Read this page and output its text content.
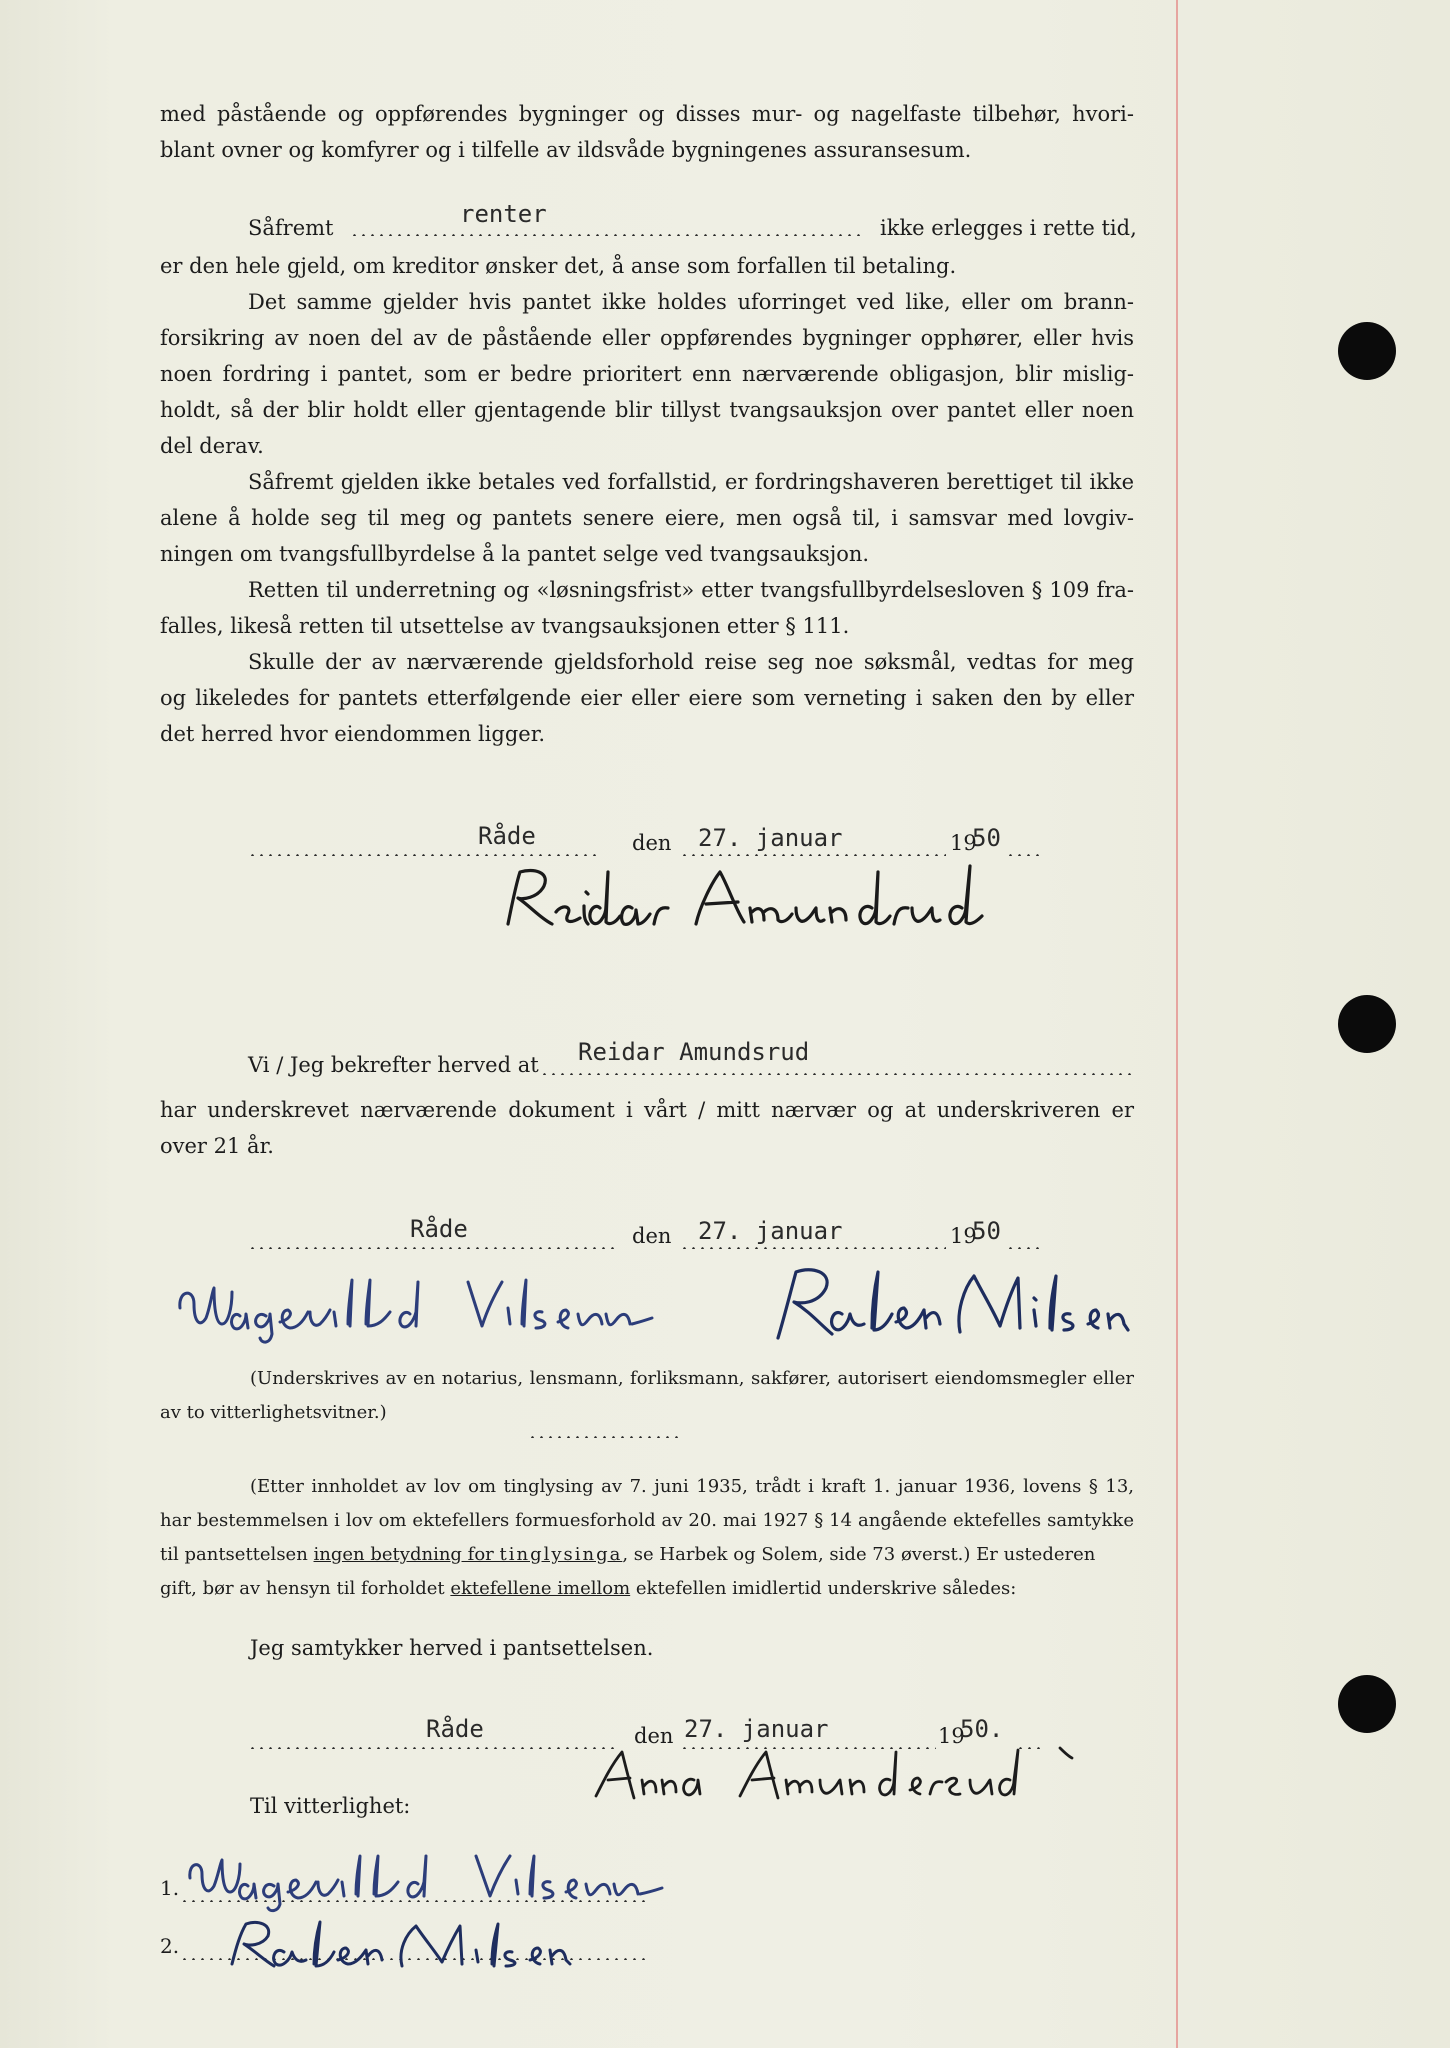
med påstående og oppførendes bygninger og disses mur- og nagelfaste tilbehør, hvori-
blant ovner og komfyrer og i tilfelle av ildsvåde bygningenes assuransesum.
Såfremt	renter	ikke erlegges i rette tid,
er den hele gjeld, om kreditor ønsker det, å anse som forfallen til betaling.
Det samme gjelder hvis pantet ikke holdes uforringet ved like, eller om brann-
forsikring av noen del av de påstående eller oppførendes bygninger opphører, eller hvis
noen fordring i pantet, som er bedre prioritert enn nærværende obligasjon, blir mislig-
holdt, så der blir holdt eller gjentagende blir tillyst tvangsauksjon over pantet eller noen
del derav.
Såfremt gjelden ikke betales ved forfallstid, er fordringshaveren berettiget til ikke
alene å holde seg til meg og pantets senere eiere, men også til, i samsvar med lovgiv-
ningen om tvangsfullbyrdelse å la pantet selge ved tvangsauksjon.
Retten til underretning og «løsningsfrist» etter tvangsfullbyrdelsesloven § 109 fra-
falles, likeså retten til utsettelse av tvangsauksjonen etter § 111.
Skulle der av nærværende gjeldsforhold reise seg noe søksmål, vedtas for meg
og likeledes for pantets etterfølgende eier eller eiere som verneting i saken den by eller
det herred hvor eiendommen ligger.
Råde	den 27. januar	19
50
Vi / Jeg bekrefter herved at Reidar Amundsrud
har underskrevet nærværende dokument i vårt / mitt nærvær og at underskriveren er
over 21 år.
Råde	den 27. januar	19
50
(Underskrives av en notarius, lensmann, forliksmann, sakfører, autorisert eiendomsmegler eller
av to vitterlighetsvitner.)
(Etter innholdet av lov om tinglysing av 7. juni 1935, trådt i kraft 1. januar 1936, lovens § 13,
har bestemmelsen i lov om ektefellers formuesforhold av 20. mai 1927 § 14 angående ektefelles samtykke
til pantsettelsen ingen betydning for tinglysinga, se Harbek og Solem, side 73 øverst.) Er ustederen
gift, bør av hensyn til forholdet ektefellene imellom ektefellen imidlertid underskrive således:
Jeg samtykker herved i pantsettelsen.
Råde	den 27. januar	19
50.
Til vitterlighet:
1.
2.
